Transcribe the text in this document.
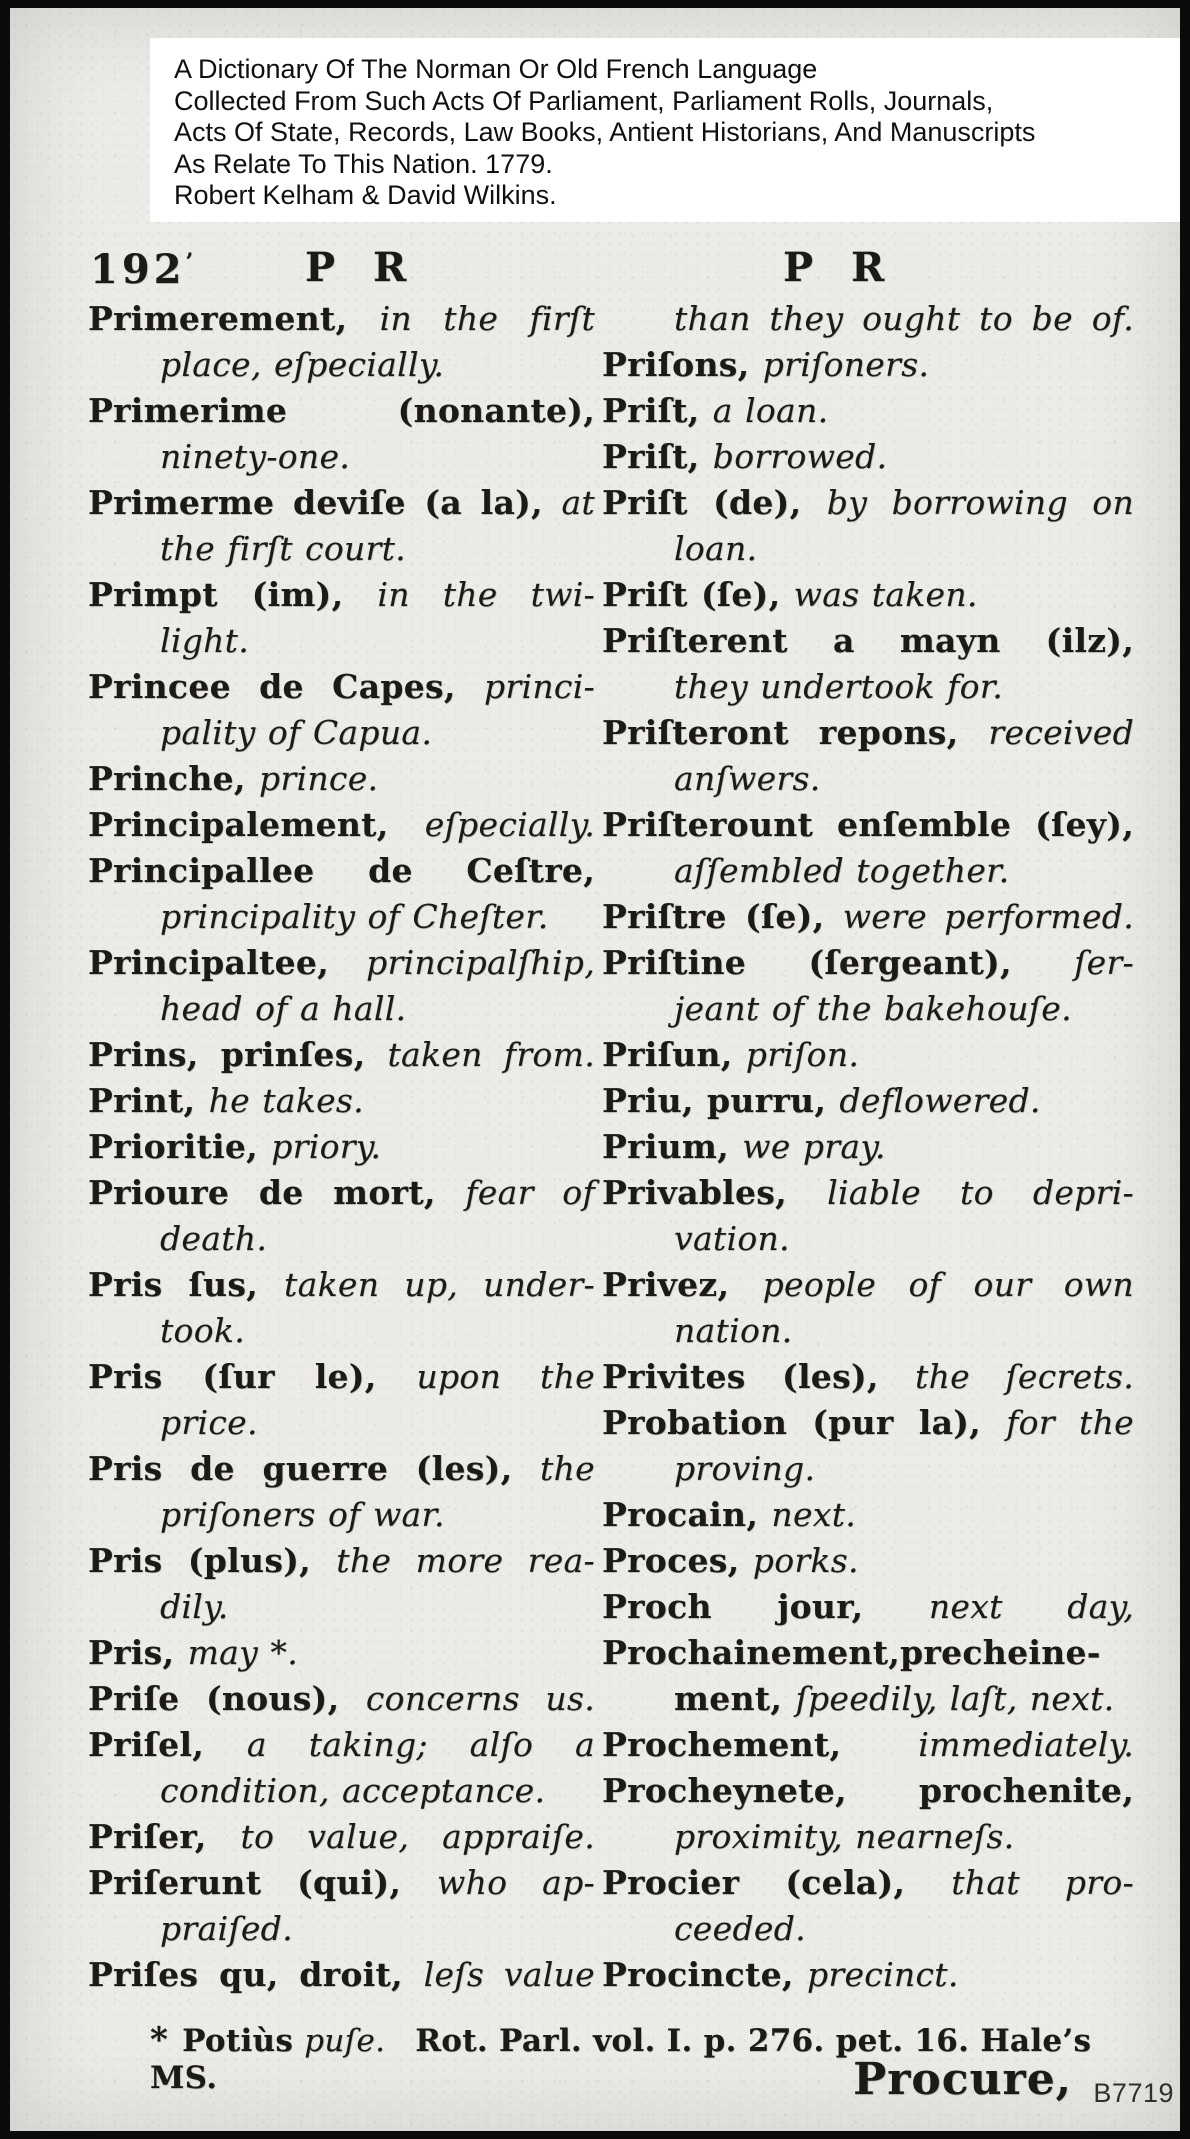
A Dictionary Of The Norman Or Old French Language
Collected From Such Acts Of Parliament, Parliament Rolls, Journals,
Acts Of State, Records, Law Books, Antient Historians, And Manuscripts
As Relate To This Nation. 1779.
Robert Kelham & David Wilkins.
192’	P R	P R
Primerement, in the firſt
place, eſpecially.
Primerime (nonante),
ninety-one.
Primerme deviſe (a la), at
the firſt court.
Primpt (im), in the twi-
light.
Princee de Capes, princi-
pality of Capua.
Prinche, prince.
Principalement, eſpecially.
Principallee de Ceſtre,
principality of Cheſter.
Principaltee, principalſhip,
head of a hall.
Prins, prinſes, taken from.
Print, he takes.
Prioritie, priory.
Prioure de mort, fear of
death.
Pris ſus, taken up, under-
took.
Pris (ſur le), upon the
price.
Pris de guerre (les), the
priſoners of war.
Pris (plus), the more rea-
dily.
Pris, may *.
Priſe (nous), concerns us.
Priſel, a taking; alſo a
condition, acceptance.
Priſer, to value, appraiſe.
Priſerunt (qui), who ap-
praiſed.
Priſes qu, droit, leſs value
than they ought to be of.
Priſons, priſoners.
Priſt, a loan.
Priſt, borrowed.
Priſt (de), by borrowing on
loan.
Priſt (ſe), was taken.
Priſterent a mayn (ilz),
they undertook for.
Priſteront repons, received
anſwers.
Priſterount enſemble (ſey),
aſſembled together.
Priſtre (ſe), were performed.
Priſtine (ſergeant), ſer-
jeant of the bakehouſe.
Priſun, priſon.
Priu, purru, deflowered.
Prium, we pray.
Privables, liable to depri-
vation.
Privez, people of our own
nation.
Privites (les), the ſecrets.
Probation (pur la), for the
proving.
Procain, next.
Proces, porks.
Proch jour, next day,
Prochainement,precheine-
ment, ſpeedily, laſt, next.
Prochement, immediately.
Procheynete, prochenite,
proximity, nearneſs.
Procier (cela), that pro-
ceeded.
Procincte, precinct.
* Potiùs puſe. Rot. Parl. vol. I. p. 276. pet. 16. Hale’s MS.	Procure, B7719
